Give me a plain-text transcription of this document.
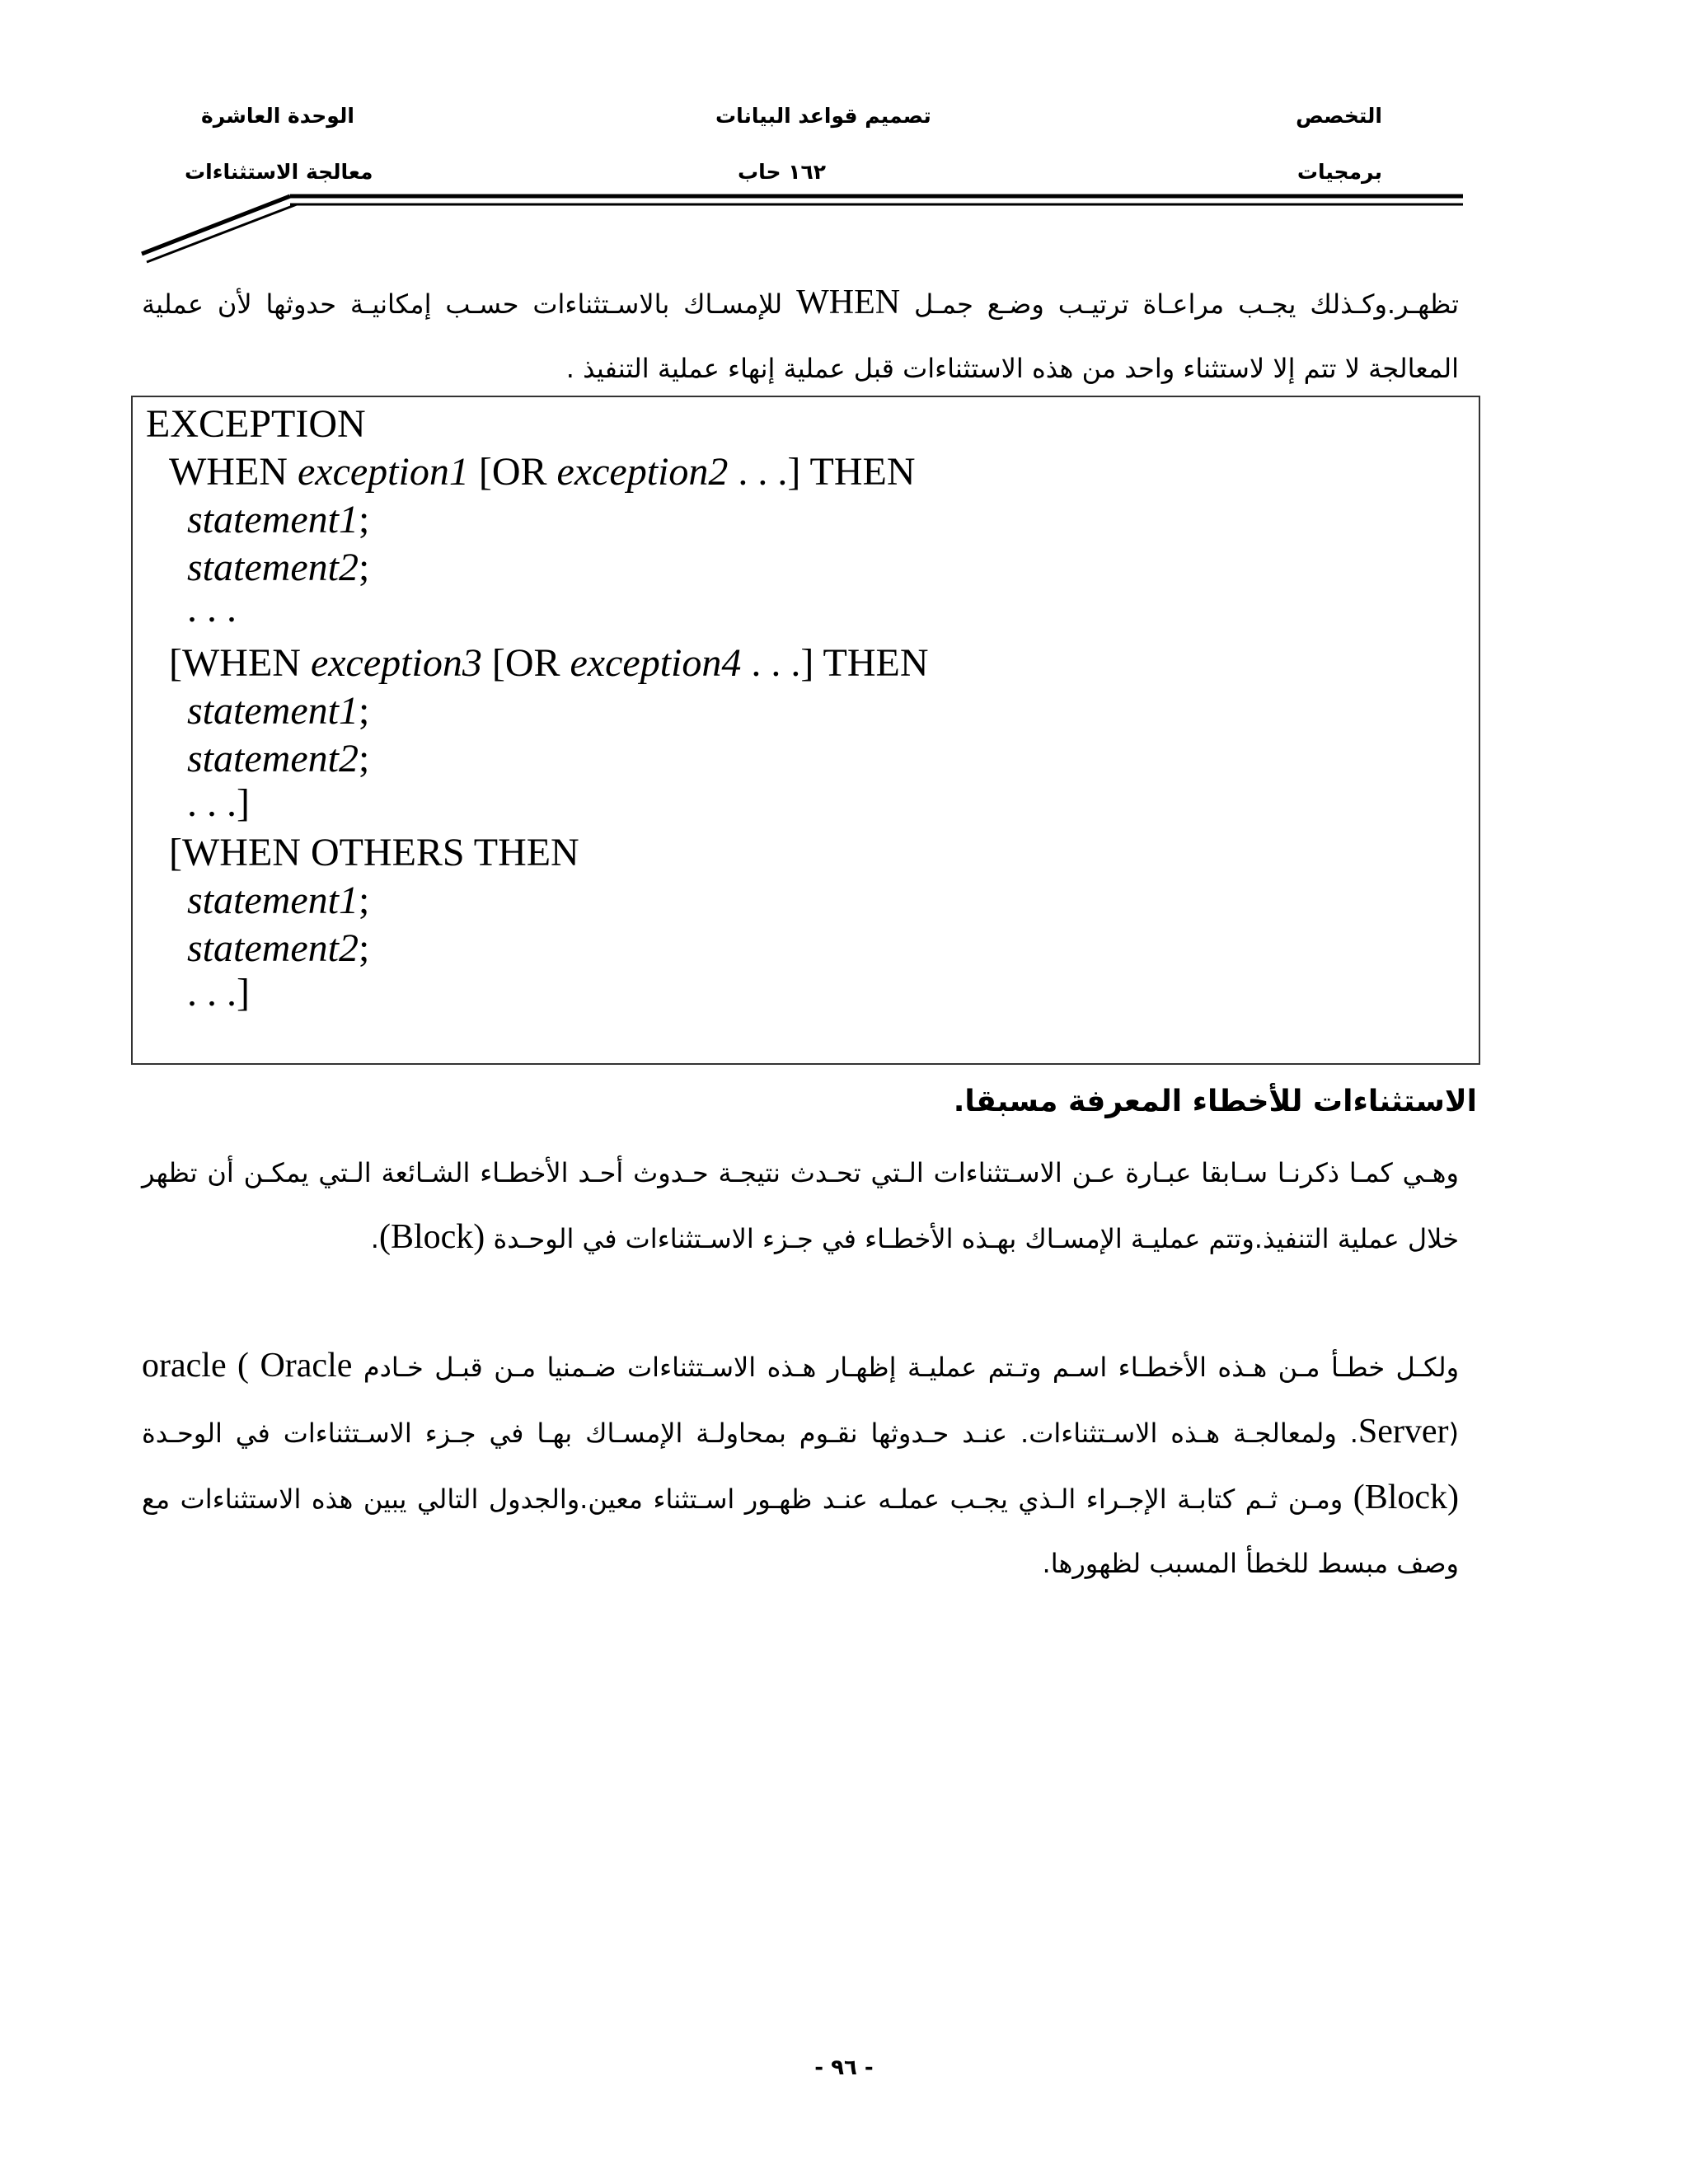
التخصص
برمجيات
تصميم قواعد البيانات
١٦٢ حاب
الوحدة العاشرة
معالجة الاستثناءات

تظهـر.وكـذلك يجـب مراعـاة ترتيـب وضـع جمـل WHEN للإمسـاك بالاسـتثناءات حسـب إمكانيـة حدوثها لأن عملية المعالجة لا تتم إلا لاستثناء واحد من هذه الاستثناءات قبل عملية إنهاء عملية التنفيذ .

EXCEPTION
WHEN exception1 [OR exception2 . . .] THEN
statement1;
statement2;
. . .
[WHEN exception3 [OR exception4 . . .] THEN
statement1;
statement2;
. . .]
[WHEN OTHERS THEN
statement1;
statement2;
. . .]
الاستثناءات للأخطاء المعرفة مسبقا.

وهـي كمـا ذكرنـا سـابقا عبـارة عـن الاسـتثناءات الـتي تحـدث نتيجـة حـدوث أحـد الأخطـاء الشـائعة الـتي يمكـن أن تظهر خلال عملية التنفيذ.وتتم عمليـة الإمسـاك بهـذه الأخطـاء في جـزء الاسـتثناءات في الوحـدة (Block).

ولكـل خطـأ مـن هـذه الأخطـاء اسـم وتـتم عمليـة إظهـار هـذه الاسـتثناءات ضـمنيا مـن قبـل خـادم oracle ( Oracle Server). ولمعالجـة هـذه الاسـتثناءات. عنـد حـدوثها نقـوم بمحاولـة الإمسـاك بهـا في جـزء الاسـتثناءات في الوحـدة (Block) ومـن ثـم كتابـة الإجـراء الـذي يجـب عملـه عنـد ظهـور اسـتثناء معين.والجدول التالي يبين هذه الاستثناءات مع وصف مبسط للخطأ المسبب لظهورها.

- ٩٦ -
